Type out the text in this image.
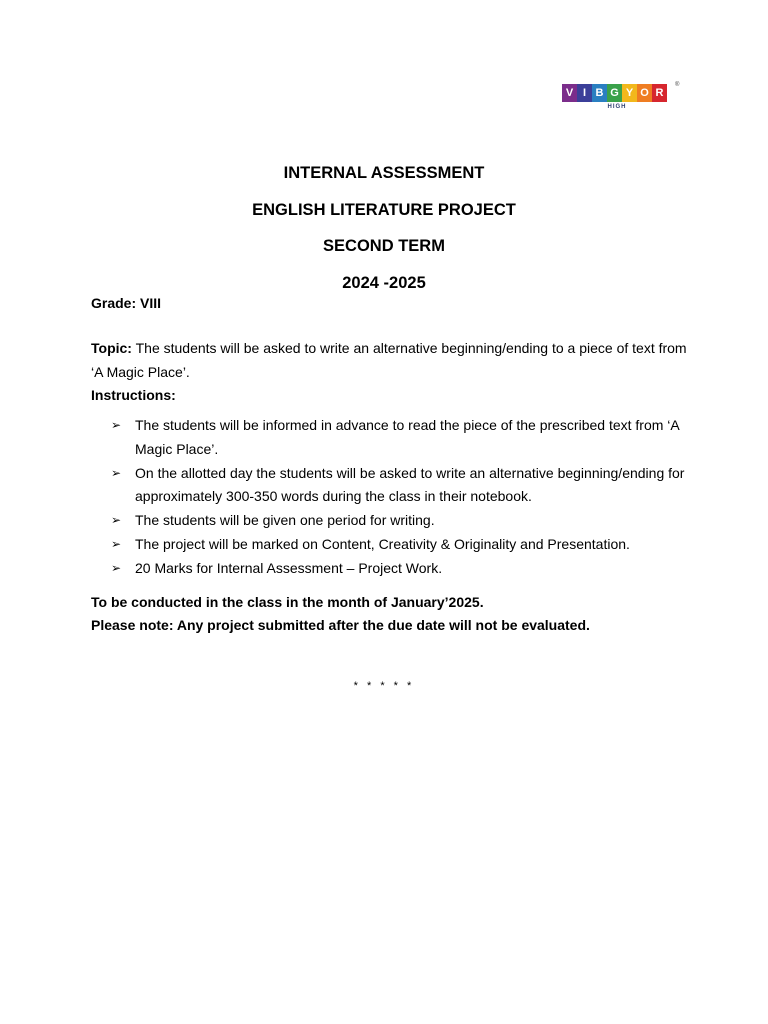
V I B G Y O R
®
HIGH
INTERNAL ASSESSMENT
ENGLISH LITERATURE PROJECT
SECOND TERM
2024 -2025
Grade: VIII
Topic: The students will be asked to write an alternative beginning/ending to a piece of text from ‘A Magic Place’.
Instructions:
➢ The students will be informed in advance to read the piece of the prescribed text from ‘A Magic Place’.
➢ On the allotted day the students will be asked to write an alternative beginning/ending for approximately 300-350 words during the class in their notebook.
➢ The students will be given one period for writing.
➢ The project will be marked on Content, Creativity & Originality and Presentation.
➢ 20 Marks for Internal Assessment – Project Work.
To be conducted in the class in the month of January’2025.
Please note: Any project submitted after the due date will not be evaluated.
* * * * *
